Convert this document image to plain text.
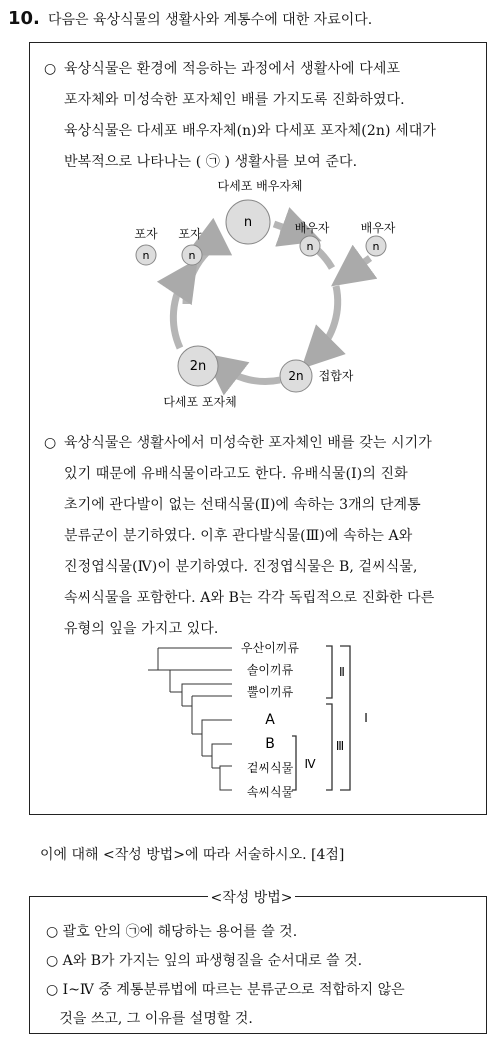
10. 다음은 육상식물의 생활사와 계통수에 대한 자료이다.
○ 육상식물은 환경에 적응하는 과정에서 생활사에 다세포
포자체와 미성숙한 포자체인 배를 가지도록 진화하였다.
육상식물은 다세포 배우자체(n)와 다세포 포자체(2n) 세대가
반복적으로 나타나는 ( ㉠ ) 생활사를 보여 준다.
다세포 배우자체
n
포자
n
포자
n
배우자
n
배우자
n
2n
다세포 포자체
2n 접합자
○ 육상식물은 생활사에서 미성숙한 포자체인 배를 갖는 시기가
있기 때문에 유배식물이라고도 한다. 유배식물(Ⅰ)의 진화
초기에 관다발이 없는 선태식물(Ⅱ)에 속하는 3개의 단계통
분류군이 분기하였다. 이후 관다발식물(Ⅲ)에 속하는 A와
진정엽식물(Ⅳ)이 분기하였다. 진정엽식물은 B, 겉씨식물,
속씨식물을 포함한다. A와 B는 각각 독립적으로 진화한 다른
유형의 잎을 가지고 있다.
우산이끼류
솔이끼류
뿔이끼류
A
B
겉씨식물
속씨식물
Ⅱ
Ⅰ
Ⅲ
Ⅳ
이에 대해 <작성 방법>에 따라 서술하시오. [4점]
<작성 방법>
○ 괄호 안의 ㉠에 해당하는 용어를 쓸 것.
○ A와 B가 가지는 잎의 파생형질을 순서대로 쓸 것.
○ Ⅰ~Ⅳ 중 계통분류법에 따르는 분류군으로 적합하지 않은
것을 쓰고, 그 이유를 설명할 것.
